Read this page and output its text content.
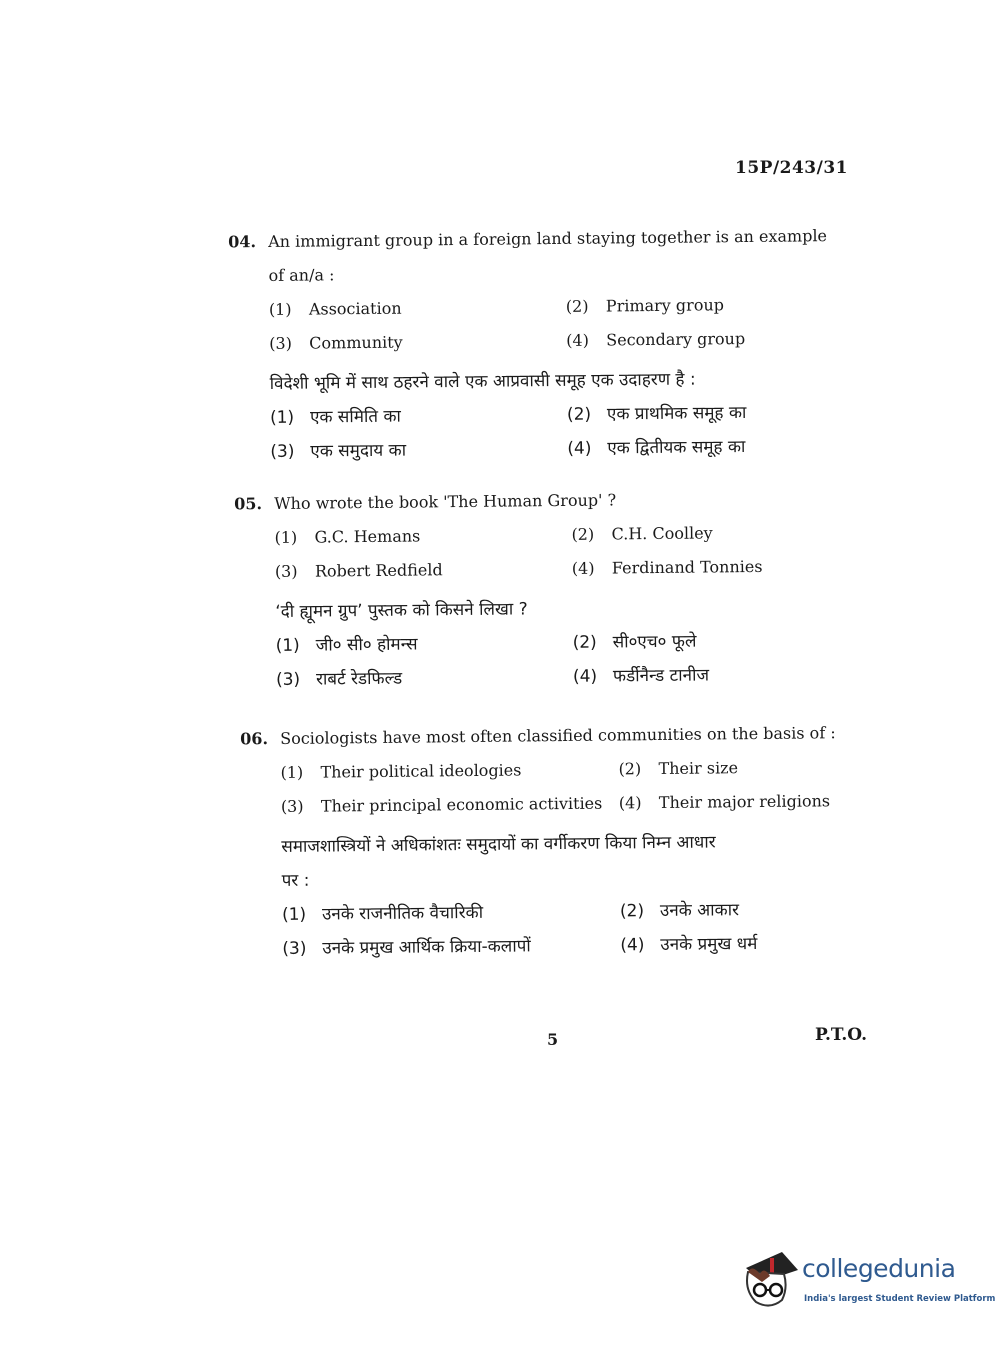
15P/243/31
04. An immigrant group in a foreign land staying together is an example
of an/a :
(1) Association	(2) Primary group
(3) Community	(4) Secondary group
विदेशी भूमि में साथ ठहरने वाले एक आप्रवासी समूह एक उदाहरण है :
(1) एक समिति का	(2) एक प्राथमिक समूह का
(3) एक समुदाय का	(4) एक द्वितीयक समूह का
05. Who wrote the book 'The Human Group' ?
(1) G.C. Hemans	(2) C.H. Coolley
(3) Robert Redfield	(4) Ferdinand Tonnies
‘दी ह्यूमन ग्रुप’ पुस्तक को किसने लिखा ?
(1) जी० सी० होमन्स	(2) सी०एच० फूले
(3) राबर्ट रेडफिल्ड	(4) फर्डीनैन्ड टानीज
06. Sociologists have most often classified communities on the basis of :
(1) Their political ideologies	(2) Their size
(3) Their principal economic activities	(4) Their major religions
समाजशास्त्रियों ने अधिकांशतः समुदायों का वर्गीकरण किया निम्न आधार
पर :
(1) उनके राजनीतिक वैचारिकी	(2) उनके आकार
(3) उनके प्रमुख आर्थिक क्रिया-कलापों	(4) उनके प्रमुख धर्म
5	P.T.O.
collegedunia
India's largest Student Review Platform
